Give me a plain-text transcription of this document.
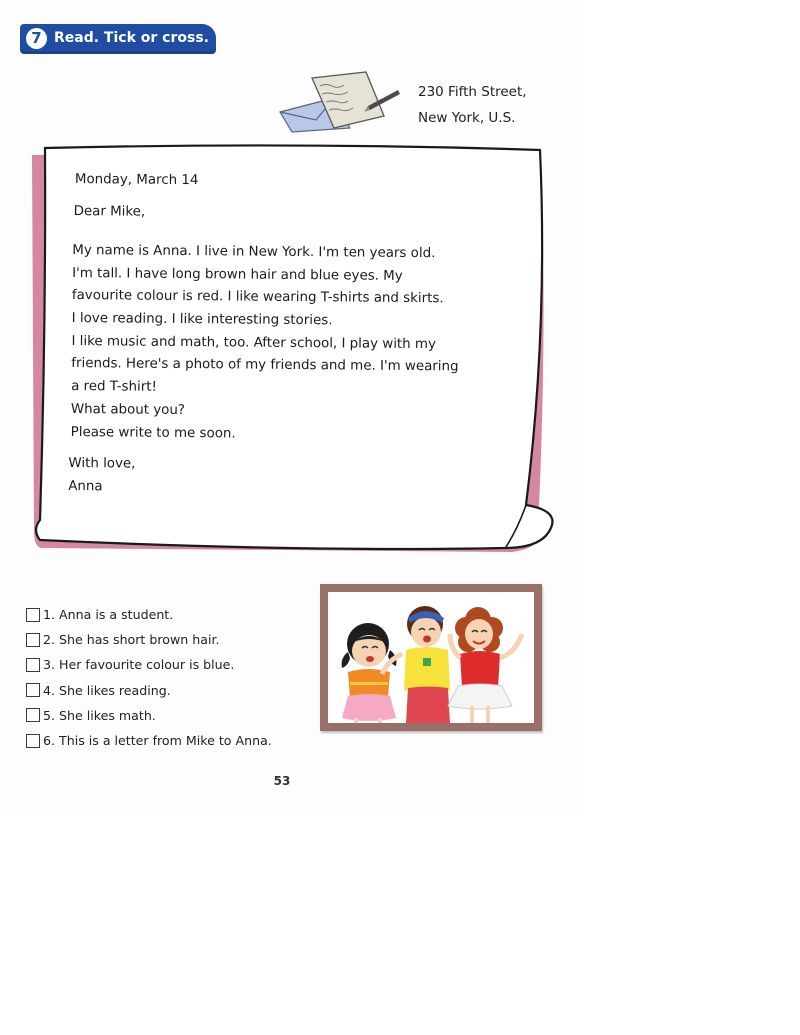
7 Read. Tick or cross.
230 Fifth Street,
New York, U.S.
Monday, March 14
Dear Mike,
My name is Anna. I live in New York. I'm ten years old.
I'm tall. I have long brown hair and blue eyes. My
favourite colour is red. I like wearing T-shirts and skirts.
I love reading. I like interesting stories.
I like music and math, too. After school, I play with my
friends. Here's a photo of my friends and me. I'm wearing
a red T-shirt!
What about you?
Please write to me soon.
With love,
Anna
1. Anna is a student.
2. She has short brown hair.
3. Her favourite colour is blue.
4. She likes reading.
5. She likes math.
6. This is a letter from Mike to Anna.
53
